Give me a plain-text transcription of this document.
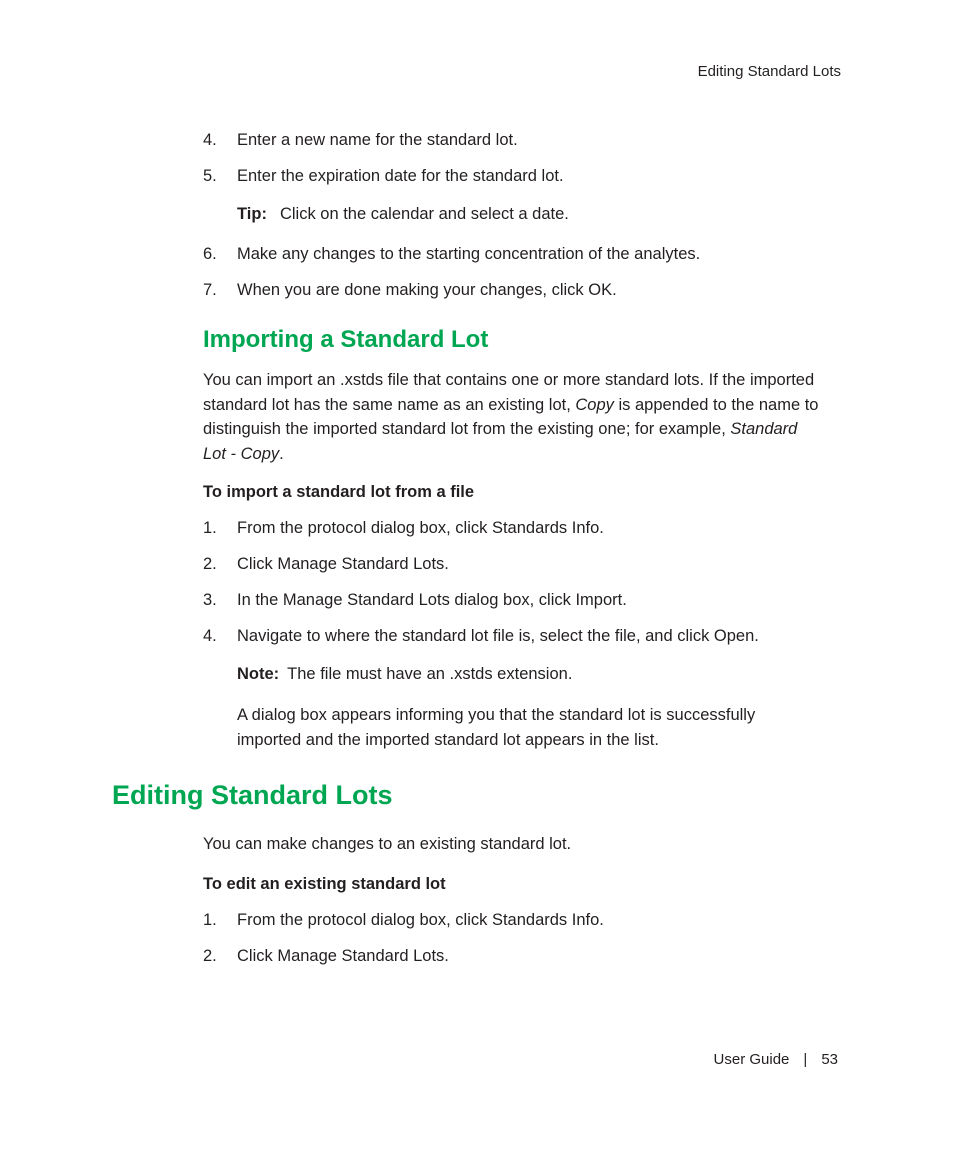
Editing Standard Lots
4. Enter a new name for the standard lot.
5. Enter the expiration date for the standard lot.
Tip: Click on the calendar and select a date.
6. Make any changes to the starting concentration of the analytes.
7. When you are done making your changes, click OK.
Importing a Standard Lot
You can import an .xstds file that contains one or more standard lots. If the imported
standard lot has the same name as an existing lot, Copy is appended to the name to
distinguish the imported standard lot from the existing one; for example, Standard
Lot - Copy.
To import a standard lot from a file
1. From the protocol dialog box, click Standards Info.
2. Click Manage Standard Lots.
3. In the Manage Standard Lots dialog box, click Import.
4. Navigate to where the standard lot file is, select the file, and click Open.
Note: The file must have an .xstds extension.
A dialog box appears informing you that the standard lot is successfully
imported and the imported standard lot appears in the list.
Editing Standard Lots
You can make changes to an existing standard lot.
To edit an existing standard lot
1. From the protocol dialog box, click Standards Info.
2. Click Manage Standard Lots.
User Guide | 53
